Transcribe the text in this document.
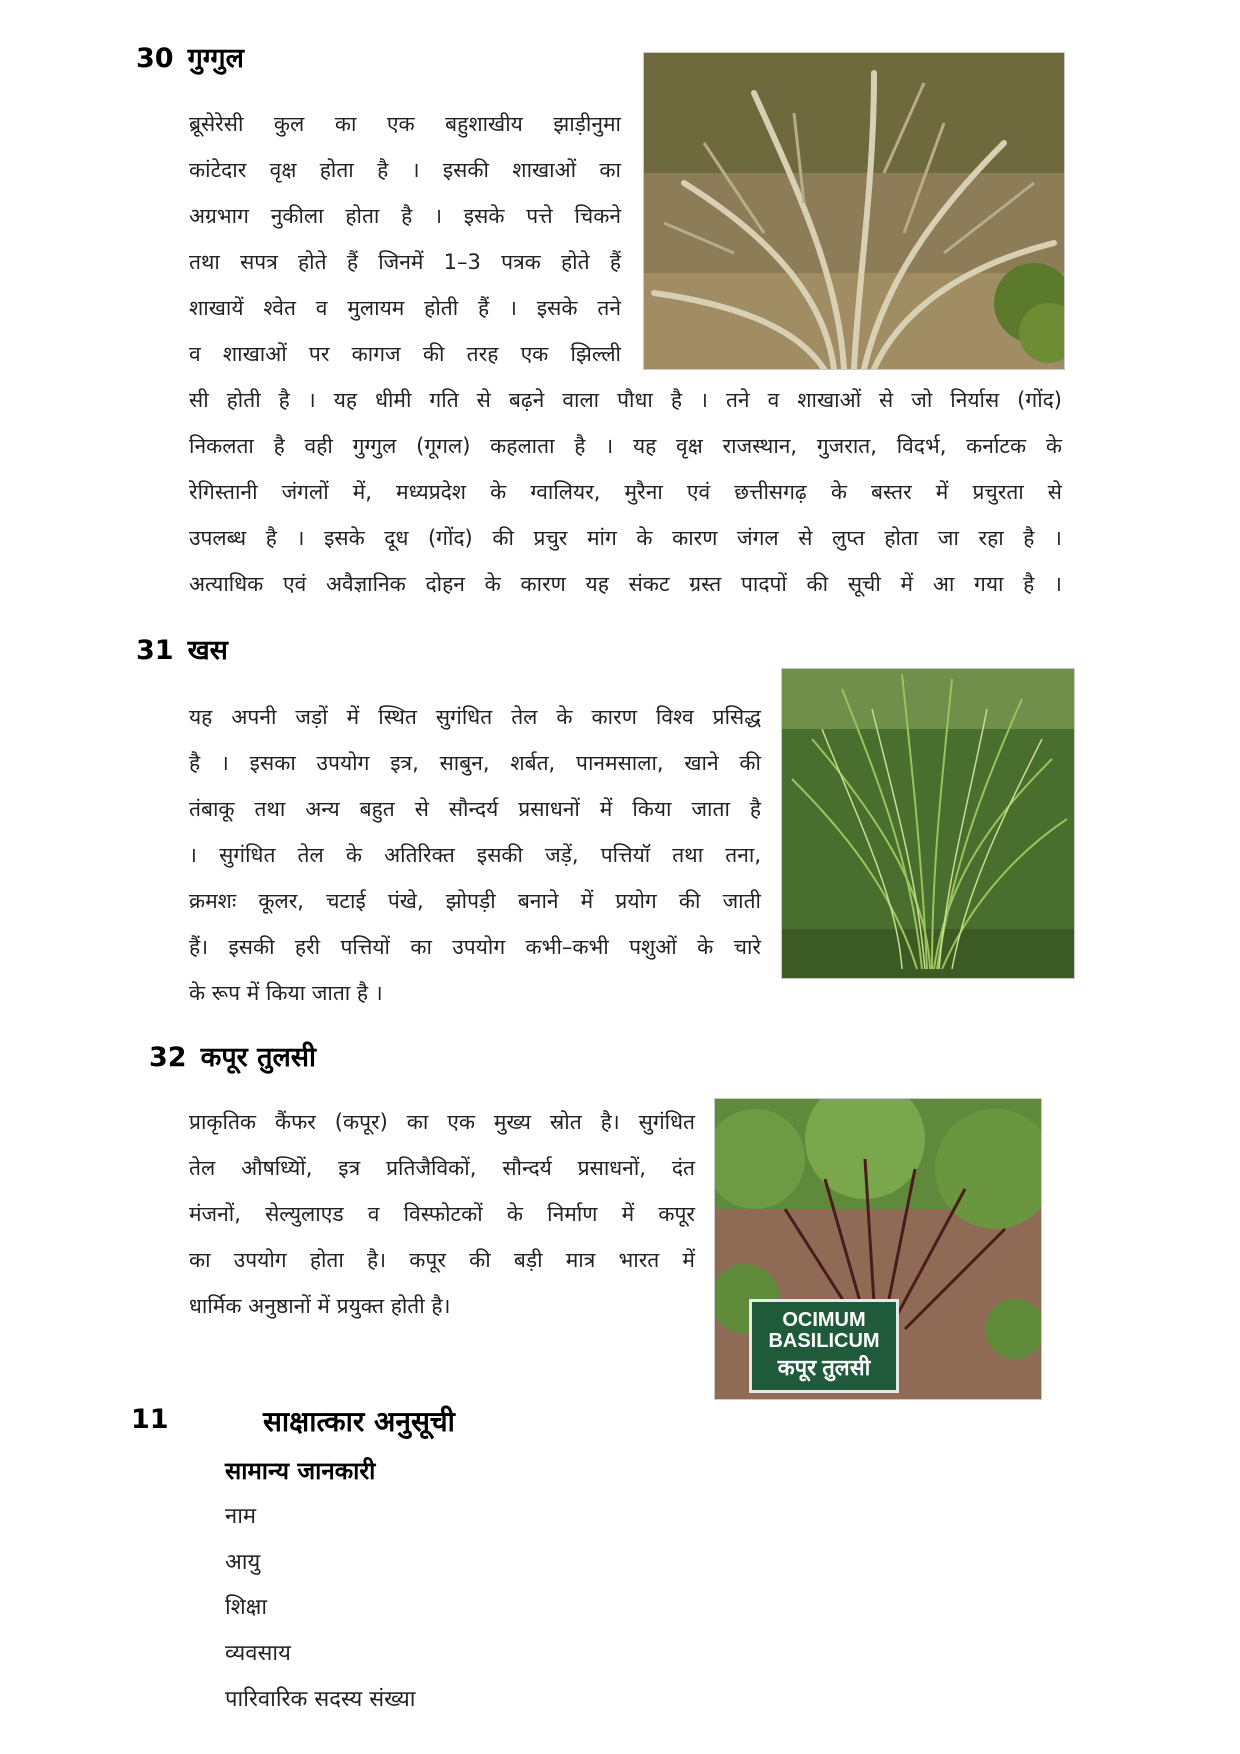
30 गुग्गुल

ब्रूसेरेसी कुल का एक बहुशाखीय झाड़ीनुमा

कांटेदार वृक्ष होता है । इसकी शाखाओं का

अग्रभाग नुकीला होता है । इसके पत्ते चिकने

तथा सपत्र होते हैं जिनमें 1–3 पत्रक होते हैं

शाखायें श्वेत व मुलायम होती हैं । इसके तने

व शाखाओं पर कागज की तरह एक झिल्ली

सी होती है । यह धीमी गति से बढ़ने वाला पौधा है । तने व शाखाओं से जो निर्यास (गोंद)

निकलता है वही गुग्गुल (गूगल) कहलाता है । यह वृक्ष राजस्थान, गुजरात, विदर्भ, कर्नाटक के

रेगिस्तानी जंगलों में, मध्यप्रदेश के ग्वालियर, मुरैना एवं छत्तीसगढ़ के बस्तर में प्रचुरता से

उपलब्ध है । इसके दूध (गोंद) की प्रचुर मांग के कारण जंगल से लुप्त होता जा रहा है ।

अत्याधिक एवं अवैज्ञानिक दोहन के कारण यह संकट ग्रस्त पादपों की सूची में आ गया है ।

31 खस

यह अपनी जड़ों में स्थित सुगंधित तेल के कारण विश्व प्रसिद्ध

है । इसका उपयोग इत्र, साबुन, शर्बत, पानमसाला, खाने की

तंबाकू तथा अन्य बहुत से सौन्दर्य प्रसाधनों में किया जाता है

। सुगंधित तेल के अतिरिक्त इसकी जड़ें, पत्तियॉ तथा तना,

क्रमशः कूलर, चटाई पंखे, झोपड़ी बनाने में प्रयोग की जाती

हैं। इसकी हरी पत्तियों का उपयोग कभी–कभी पशुओं के चारे

के रूप में किया जाता है ।

32 कपूर तुलसी
OCIMUM
BASILICUM
कपूर तुलसी

प्राकृतिक कैंफर (कपूर) का एक मुख्य स्रोत है। सुगंधित

तेल औषध्यिों, इत्र प्रतिजैविकों, सौन्दर्य प्रसाधनों, दंत

मंजनों, सेल्युलाएड व विस्फोटकों के निर्माण में कपूर

का उपयोग होता है। कपूर की बड़ी मात्र भारत में

धार्मिक अनुष्ठानों में प्रयुक्त होती है।

11	साक्षात्कार अनुसूची
सामान्य जानकारी
नाम
आयु
शिक्षा
व्यवसाय
पारिवारिक सदस्य संख्या
